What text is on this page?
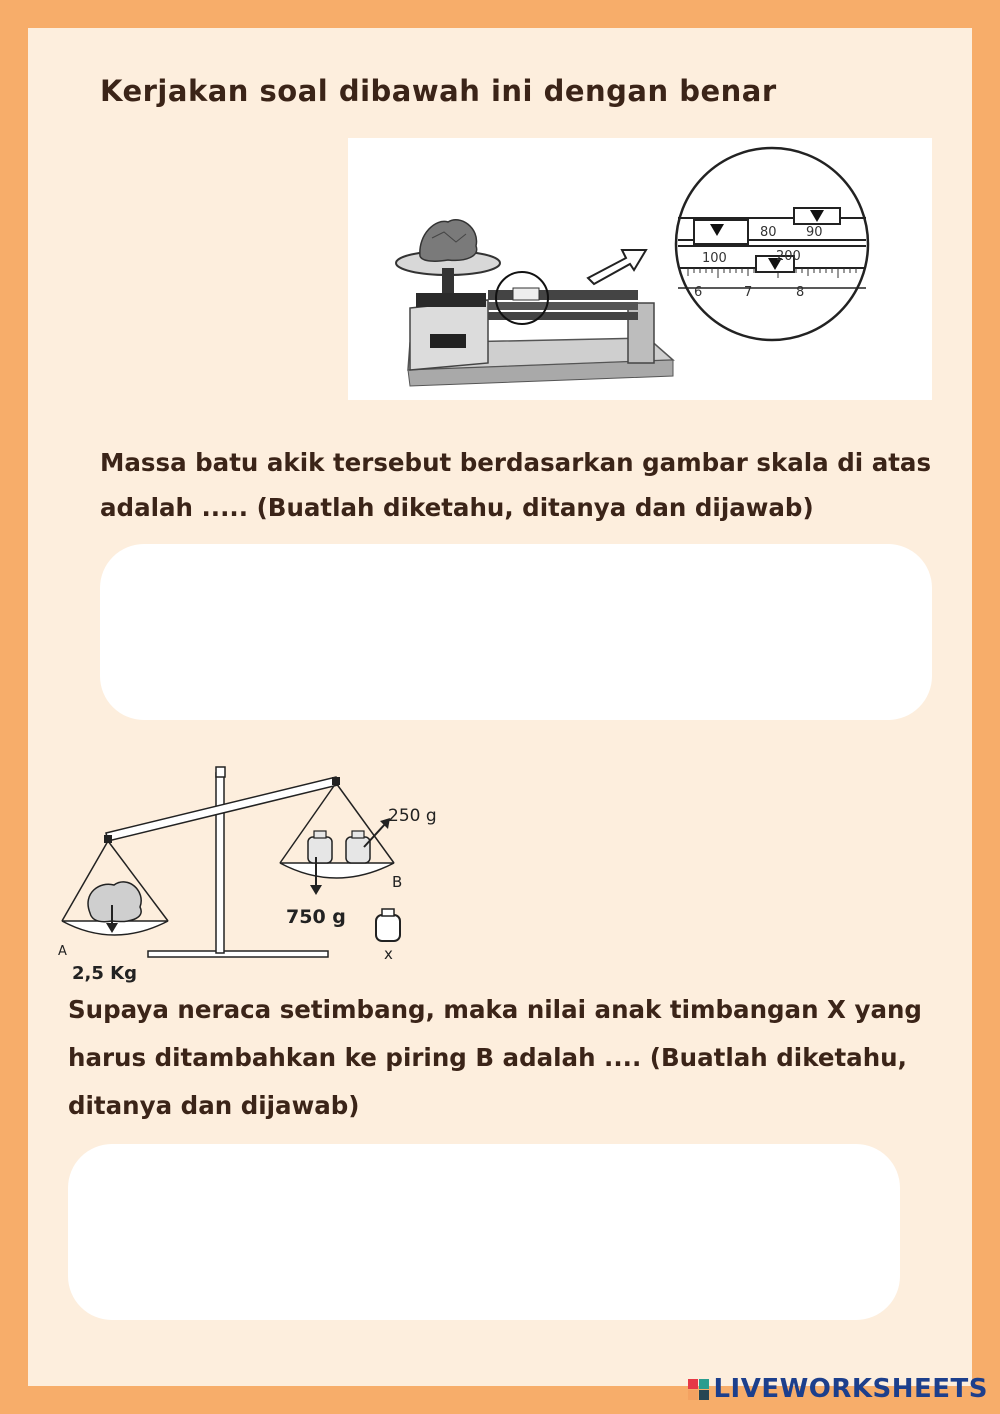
Kerjakan soal dibawah ini dengan benar
80 90
100	200
6	7	8
Massa batu akik tersebut berdasarkan gambar skala di atas adalah ..... (Buatlah diketahu, ditanya dan dijawab)
250 g
B
750 g
A
2,5 Kg
x
Supaya neraca setimbang, maka nilai anak timbangan X yang harus ditambahkan ke piring B adalah .... (Buatlah diketahu, ditanya dan dijawab)
LIVEWORKSHEETS
